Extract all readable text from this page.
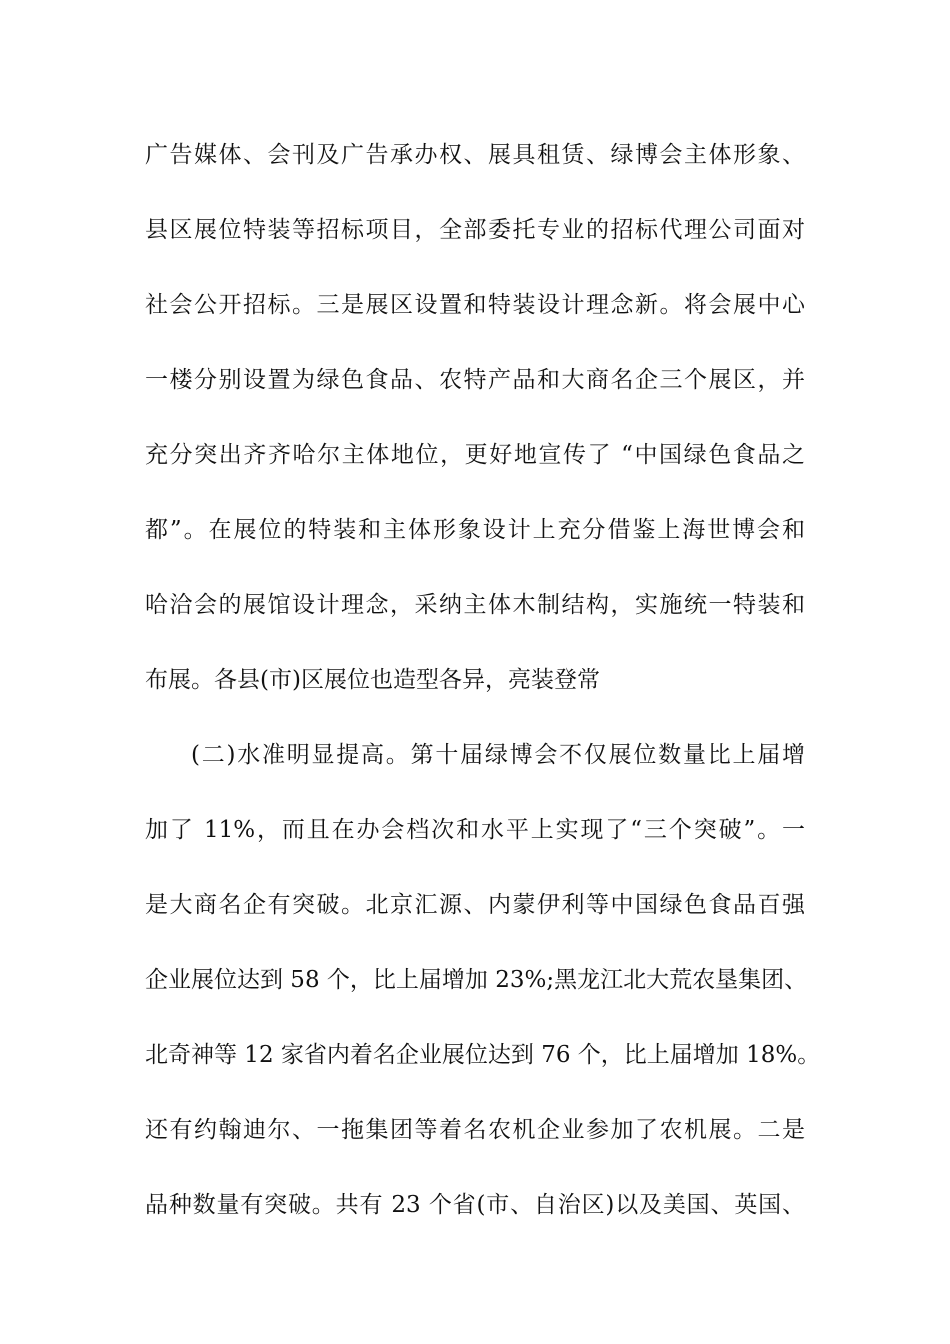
广告媒体、会刊及广告承办权、展具租赁、绿博会主体形象、
县区展位特装等招标项目，全部委托专业的招标代理公司面对
社会公开招标。三是展区设置和特装设计理念新。将会展中心
一楼分别设置为绿色食品、农特产品和大商名企三个展区，并
充分突出齐齐哈尔主体地位，更好地宣传了 “中国绿色食品之
都”。在展位的特装和主体形象设计上充分借鉴上海世博会和
哈洽会的展馆设计理念，采纳主体木制结构，实施统一特装和
布展。各县(市)区展位也造型各异，亮装登常
(二)水准明显提高。第十届绿博会不仅展位数量比上届增
加了 11%，而且在办会档次和水平上实现了“三个突破”。一
是大商名企有突破。北京汇源、内蒙伊利等中国绿色食品百强
企业展位达到 58 个，比上届增加 23%;黑龙江北大荒农垦集团、
北奇神等 12 家省内着名企业展位达到 76 个，比上届增加 18%。
还有约翰迪尔、一拖集团等着名农机企业参加了农机展。二是
品种数量有突破。共有 23 个省(市、自治区)以及美国、英国、
